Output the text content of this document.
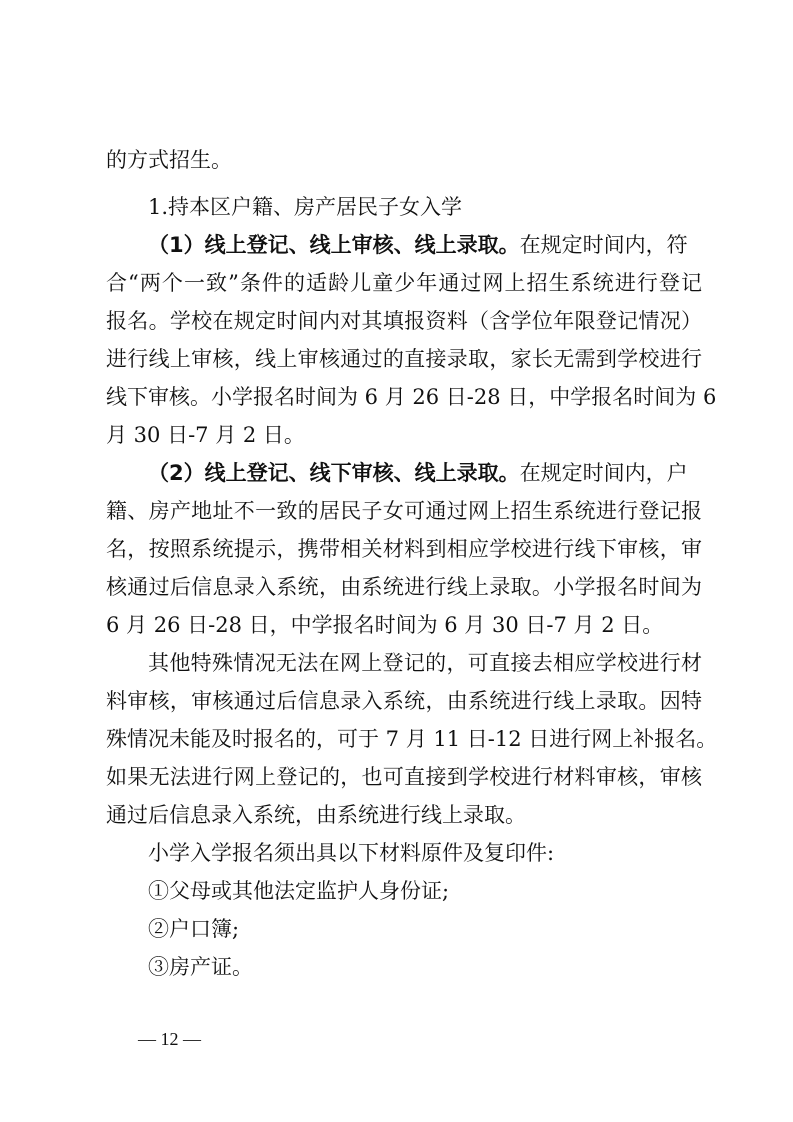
的方式招生。
1.持本区户籍、房产居民子女入学
（1）线上登记、线上审核、线上录取。在规定时间内，符
合“两个一致”条件的适龄儿童少年通过网上招生系统进行登记
报名。学校在规定时间内对其填报资料（含学位年限登记情况）
进行线上审核，线上审核通过的直接录取，家长无需到学校进行
线下审核。小学报名时间为 6 月 26 日-28 日，中学报名时间为 6
月 30 日-7 月 2 日。
（2）线上登记、线下审核、线上录取。在规定时间内，户
籍、房产地址不一致的居民子女可通过网上招生系统进行登记报
名，按照系统提示，携带相关材料到相应学校进行线下审核，审
核通过后信息录入系统，由系统进行线上录取。小学报名时间为
6 月 26 日-28 日，中学报名时间为 6 月 30 日-7 月 2 日。
其他特殊情况无法在网上登记的，可直接去相应学校进行材
料审核，审核通过后信息录入系统，由系统进行线上录取。因特
殊情况未能及时报名的，可于 7 月 11 日-12 日进行网上补报名。
如果无法进行网上登记的，也可直接到学校进行材料审核，审核
通过后信息录入系统，由系统进行线上录取。
小学入学报名须出具以下材料原件及复印件:
①父母或其他法定监护人身份证;
②户口簿;
③房产证。
— 12 —
